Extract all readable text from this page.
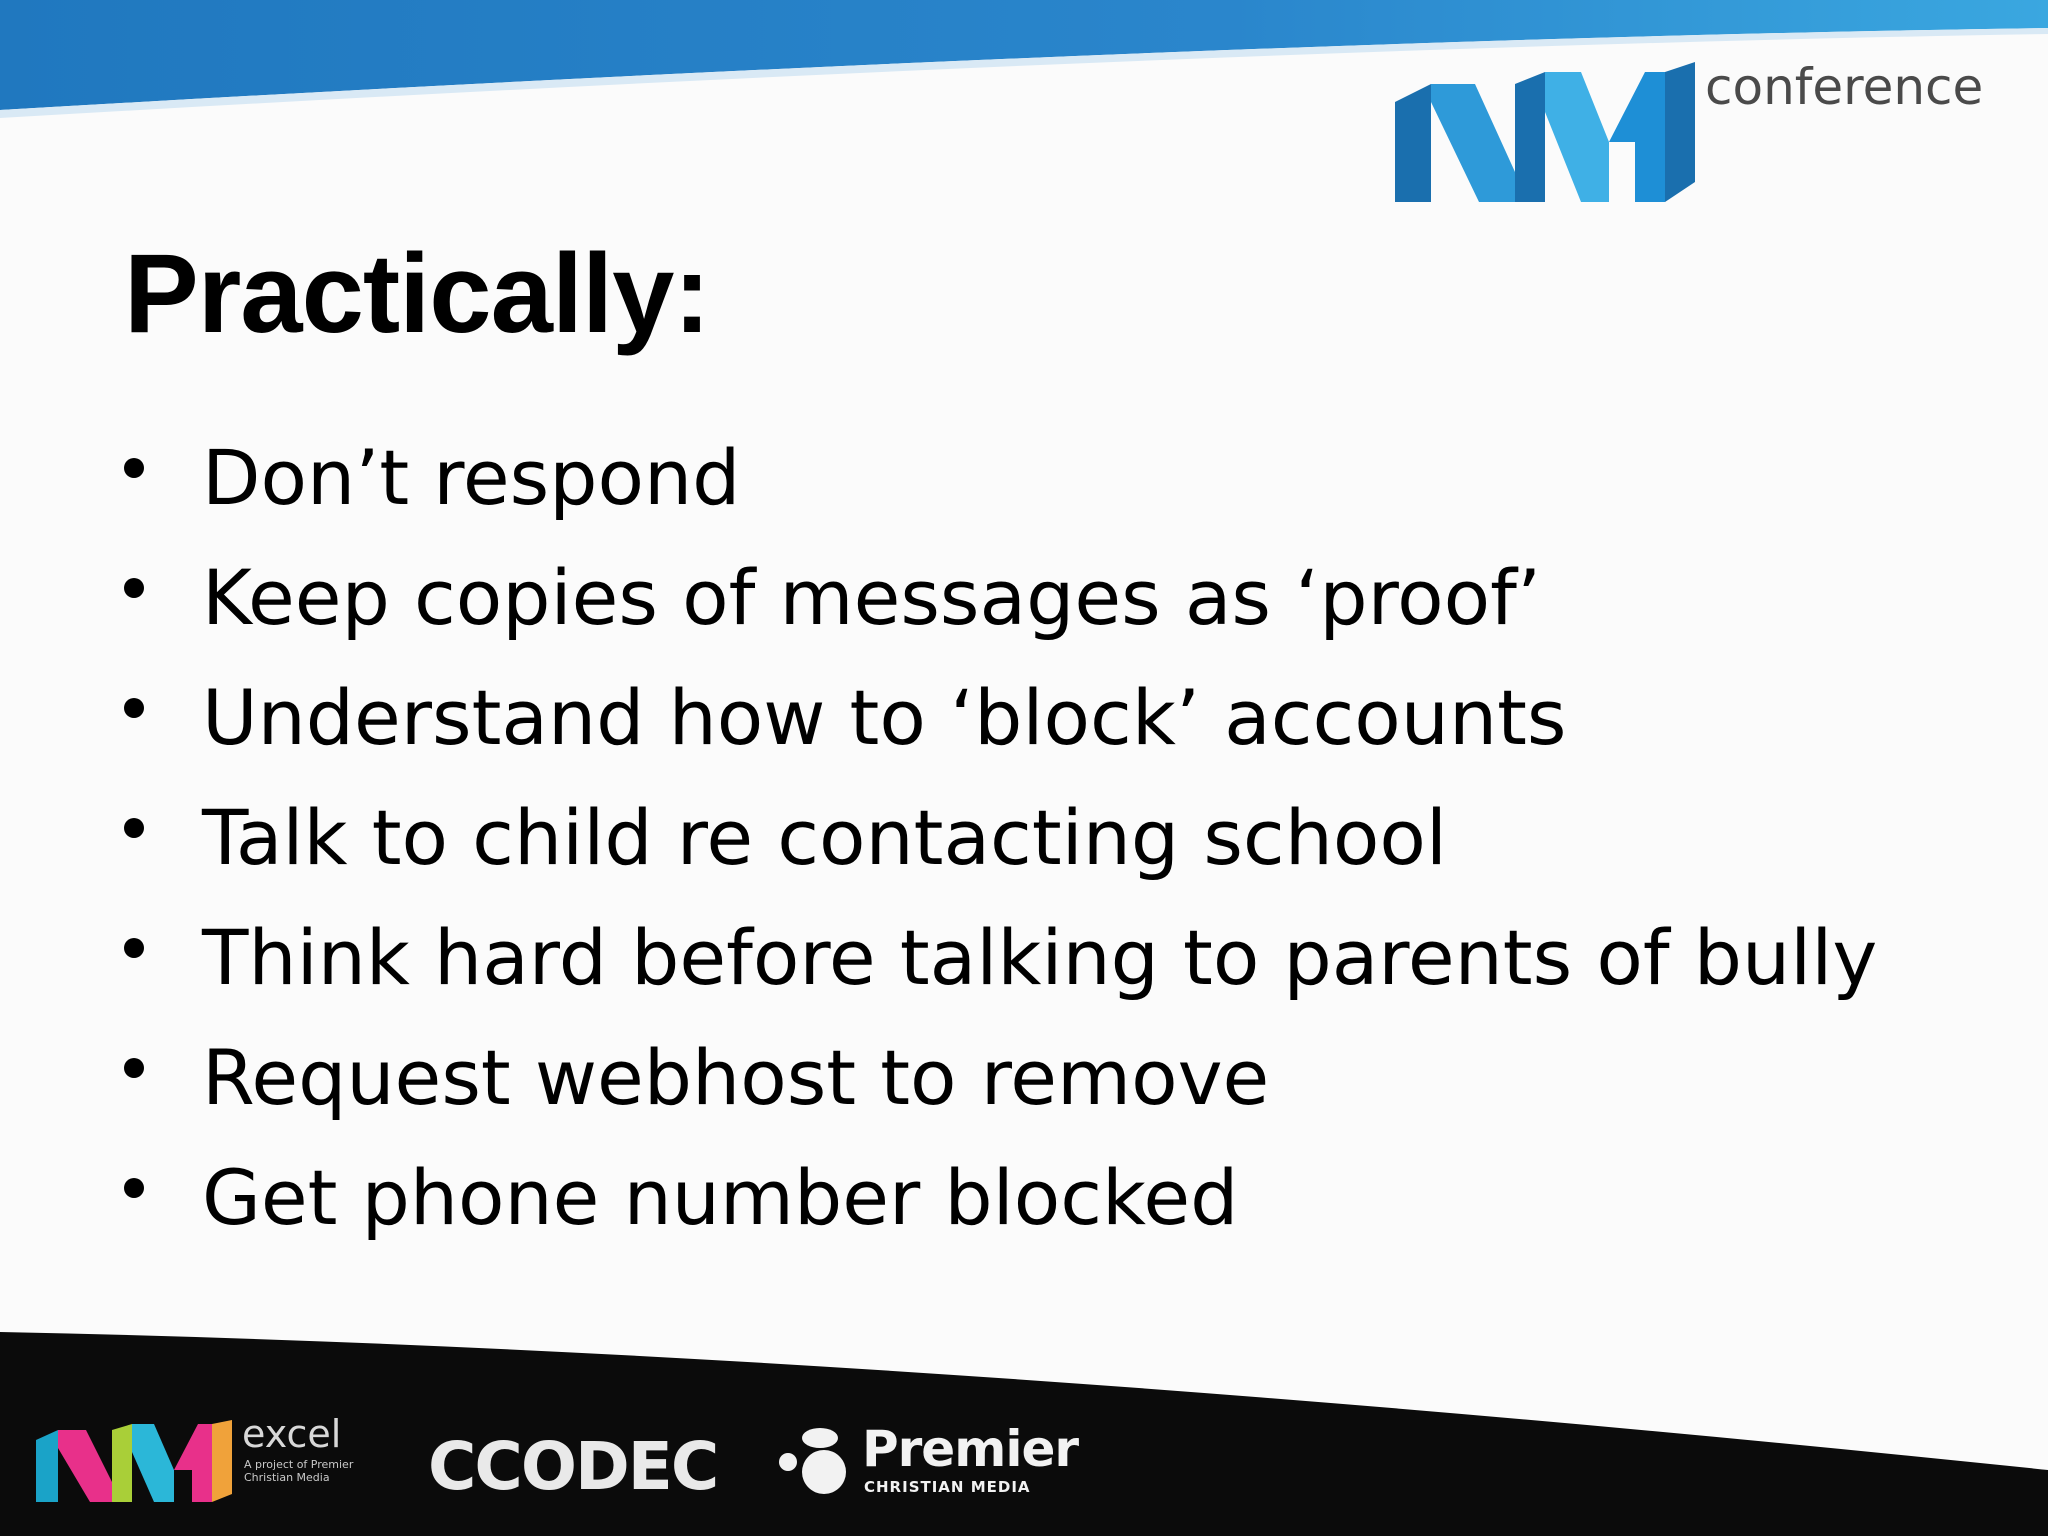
conference
Practically:
Don’t respond
Keep copies of messages as ‘proof’
Understand how to ‘block’ accounts
Talk to child re contacting school
Think hard before talking to parents of bully
Request webhost to remove
Get phone number blocked
excel
A project of Premier Christian Media	CCODEC	Premier
CHRISTIAN MEDIA
